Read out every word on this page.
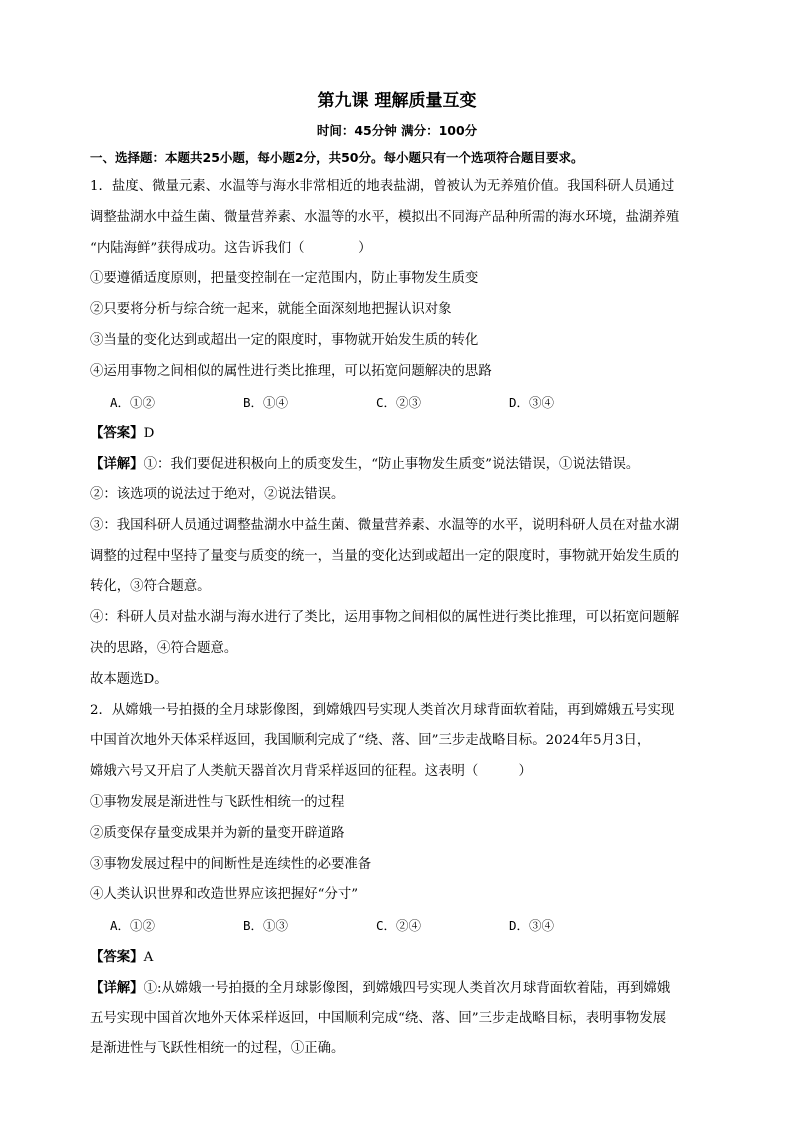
第九课 理解质量互变
时间：45分钟 满分：100分
一、选择题：本题共25小题，每小题2分，共50分。每小题只有一个选项符合题目要求。
1．盐度、微量元素、水温等与海水非常相近的地表盐湖，曾被认为无养殖价值。我国科研人员通过
调整盐湖水中益生菌、微量营养素、水温等的水平，模拟出不同海产品种所需的海水环境，盐湖养殖
“内陆海鲜”获得成功。这告诉我们（　　　　）
①要遵循适度原则，把量变控制在一定范围内，防止事物发生质变
②只要将分析与综合统一起来，就能全面深刻地把握认识对象
③当量的变化达到或超出一定的限度时，事物就开始发生质的转化
④运用事物之间相似的属性进行类比推理，可以拓宽问题解决的思路
A．①②	B．①④	C．②③	D．③④
【答案】D
【详解】①：我们要促进积极向上的质变发生，“防止事物发生质变”说法错误，①说法错误。
②：该选项的说法过于绝对，②说法错误。
③：我国科研人员通过调整盐湖水中益生菌、微量营养素、水温等的水平，说明科研人员在对盐水湖
调整的过程中坚持了量变与质变的统一，当量的变化达到或超出一定的限度时，事物就开始发生质的
转化，③符合题意。
④：科研人员对盐水湖与海水进行了类比，运用事物之间相似的属性进行类比推理，可以拓宽问题解
决的思路，④符合题意。
故本题选D。
2．从嫦娥一号拍摄的全月球影像图，到嫦娥四号实现人类首次月球背面软着陆，再到嫦娥五号实现
中国首次地外天体采样返回，我国顺利完成了“绕、落、回”三步走战略目标。2024年5月3日，
嫦娥六号又开启了人类航天器首次月背采样返回的征程。这表明（　　　）
①事物发展是渐进性与飞跃性相统一的过程
②质变保存量变成果并为新的量变开辟道路
③事物发展过程中的间断性是连续性的必要准备
④人类认识世界和改造世界应该把握好“分寸”
A．①②	B．①③	C．②④	D．③④
【答案】A
【详解】①:从嫦娥一号拍摄的全月球影像图，到嫦娥四号实现人类首次月球背面软着陆，再到嫦娥
五号实现中国首次地外天体采样返回，中国顺利完成“绕、落、回”三步走战略目标，表明事物发展
是渐进性与飞跃性相统一的过程，①正确。
